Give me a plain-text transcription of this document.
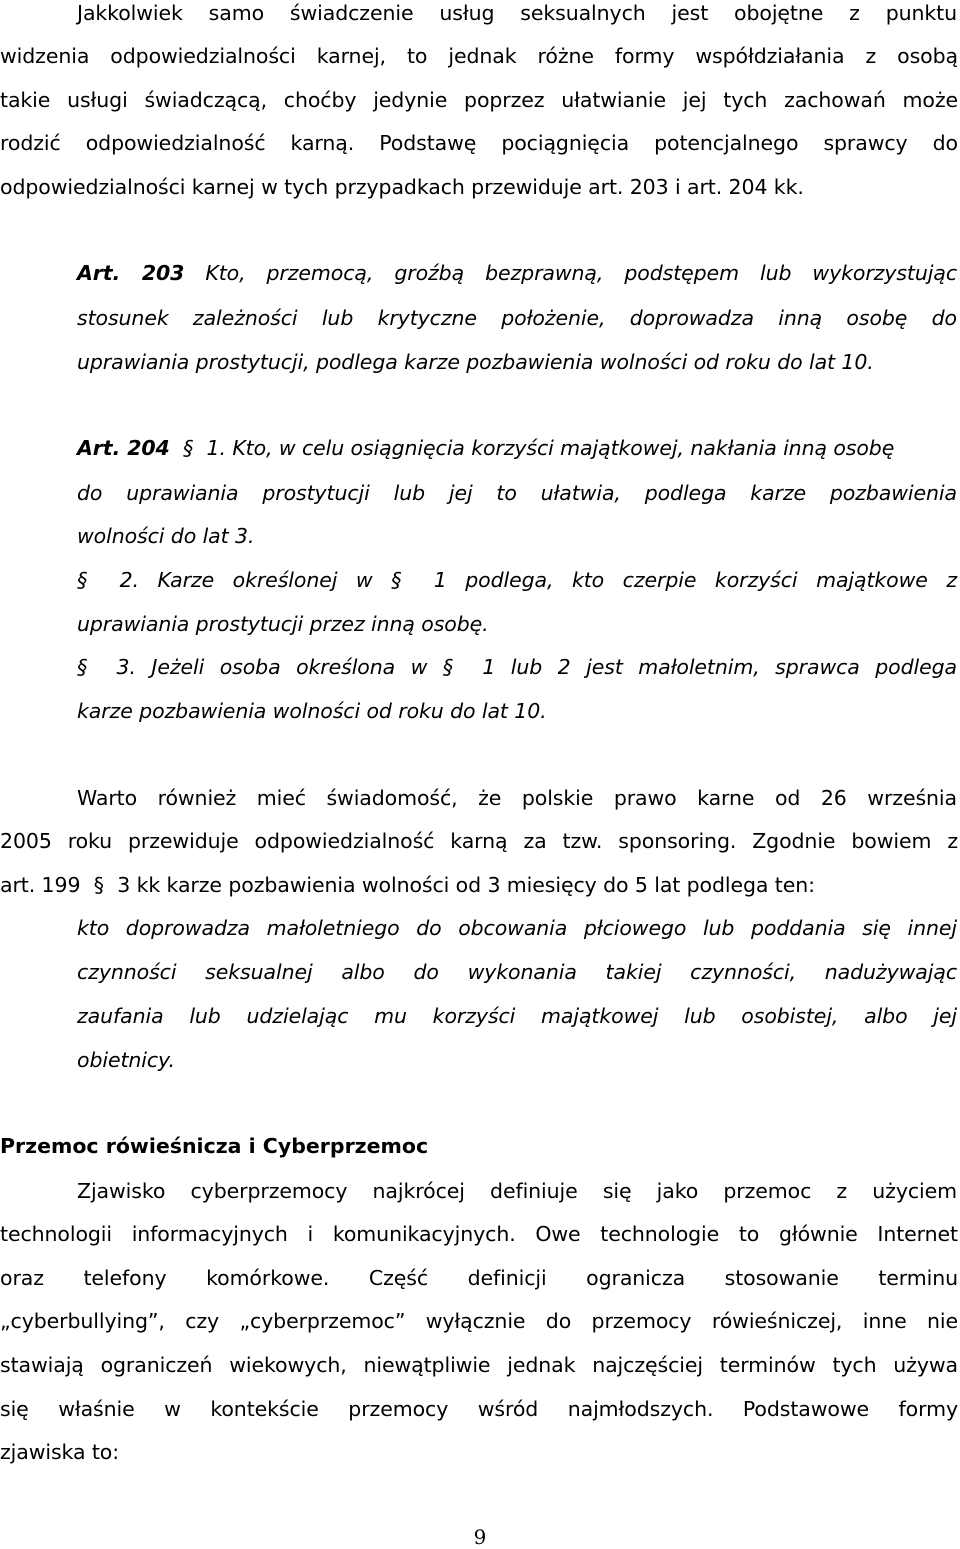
Jakkolwiek samo świadczenie usług seksualnych jest obojętne z punktu
widzenia odpowiedzialności karnej, to jednak różne formy współdziałania z osobą
takie usługi świadczącą, choćby jedynie poprzez ułatwianie jej tych zachowań może
rodzić odpowiedzialność karną. Podstawę pociągnięcia potencjalnego sprawcy do
odpowiedzialności karnej w tych przypadkach przewiduje art. 203 i art. 204 kk.
Art. 203 Kto, przemocą, groźbą bezprawną, podstępem lub wykorzystując
stosunek zależności lub krytyczne położenie, doprowadza inną osobę do
uprawiania prostytucji, podlega karze pozbawienia wolności od roku do lat 10.
Art. 204 § 1. Kto, w celu osiągnięcia korzyści majątkowej, nakłania inną osobę
do uprawiania prostytucji lub jej to ułatwia, podlega karze pozbawienia
wolności do lat 3.
§ 2. Karze określonej w § 1 podlega, kto czerpie korzyści majątkowe z
uprawiania prostytucji przez inną osobę.
§ 3. Jeżeli osoba określona w § 1 lub 2 jest małoletnim, sprawca podlega
karze pozbawienia wolności od roku do lat 10.
Warto również mieć świadomość, że polskie prawo karne od 26 września
2005 roku przewiduje odpowiedzialność karną za tzw. sponsoring. Zgodnie bowiem z
art. 199 § 3 kk karze pozbawienia wolności od 3 miesięcy do 5 lat podlega ten:
kto doprowadza małoletniego do obcowania płciowego lub poddania się innej
czynności seksualnej albo do wykonania takiej czynności, nadużywając
zaufania lub udzielając mu korzyści majątkowej lub osobistej, albo jej
obietnicy.
Przemoc rówieśnicza i Cyberprzemoc
Zjawisko cyberprzemocy najkrócej definiuje się jako przemoc z użyciem
technologii informacyjnych i komunikacyjnych. Owe technologie to głównie Internet
oraz telefony komórkowe. Część definicji ogranicza stosowanie terminu
„cyberbullying”, czy „cyberprzemoc” wyłącznie do przemocy rówieśniczej, inne nie
stawiają ograniczeń wiekowych, niewątpliwie jednak najczęściej terminów tych używa
się właśnie w kontekście przemocy wśród najmłodszych. Podstawowe formy
zjawiska to:
9
